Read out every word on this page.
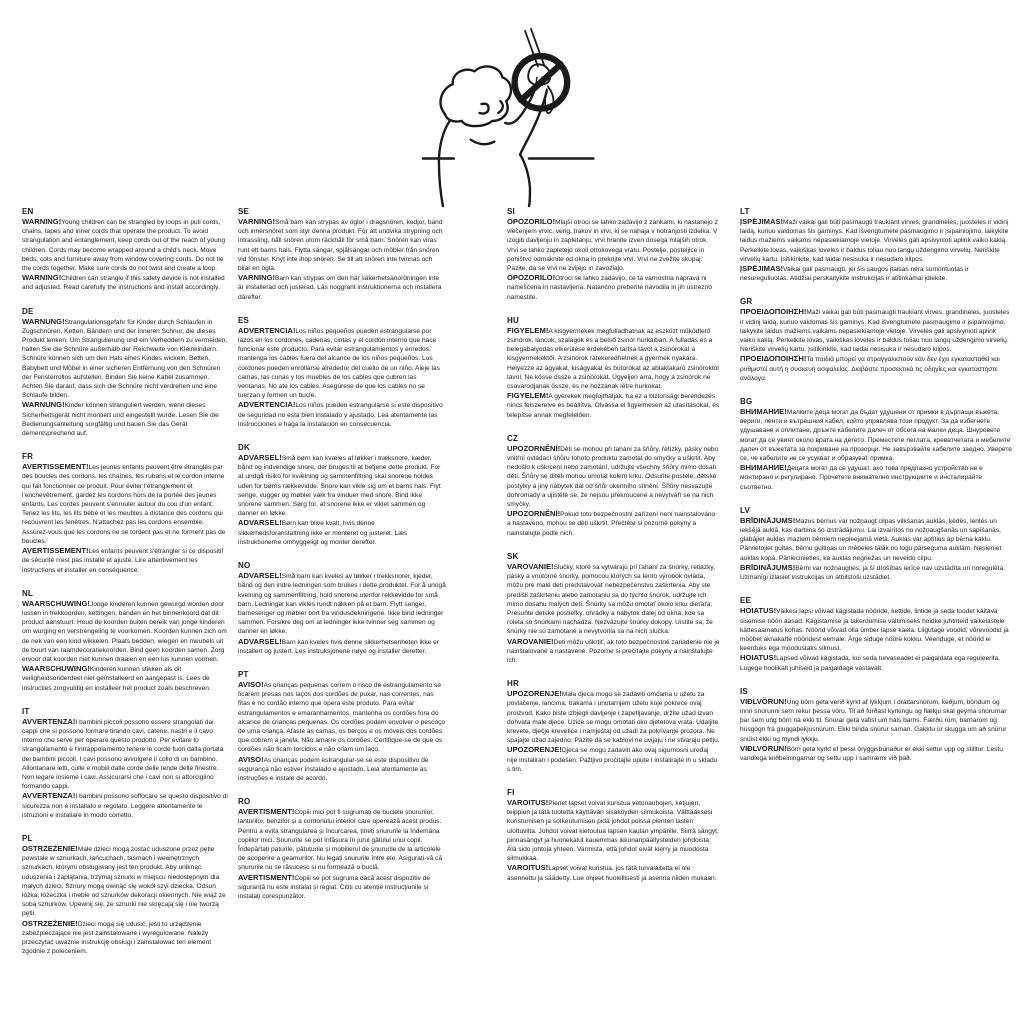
EN

WARNING!Young children can be strangled by loops in pull cords, chains, tapes and inner cords that operate the product. To avoid strangulation and entanglement, keep cords out of the reach of young children. Cords may become wrapped around a child's neck. Move beds, cots and furniture away from window covering cords. Do not tie the cords together. Make sure cords do not twist and create a loop.

WARNING!Children can strangle if this safety device is not installed and adjusted. Read carefully the instructions and install accordingly.

DE

WARNUNG!Strangulationsgefahr für Kinder durch Schlaufen in Zugschnüren, Ketten, Bändern und der inneren Schnur, die dieses Produkt lenken. Um Strangulierung und ein Verheddern zu vermeiden, halten Sie die Schnüre außerhalb der Reichweite von Kleinkindern. Schnüre können sich um den Hals eines Kindes wickeln. Betten, Babybett und Möbel in einer sicheren Entfernung von den Schnüren der Fensterrollos aufstellen. Binden Sie keine Kabel zusammen. Achten Sie darauf, dass sich die Schnüre nicht verdrehen und eine Schlaufe bilden.

WARNUNG!Kinder können stranguliert werden, wenn dieses Sicherheitsgerät nicht montiert und eingestellt wurde. Lesen Sie die Bedienungsanleitung sorgfältig und bauen Sie das Gerät dementsprechend auf.

FR

AVERTISSEMENT!Les jeunes enfants peuvent être étranglés par des boucles des cordons, les chaînes, les rubans et le cordon interne qui fait fonctionner ce produit. Pour éviter l'étranglement et l'enchevêtrement, gardez les cordons hors de la portée des jeunes enfants. Les cordes peuvent s'enrouler autour du cou d'un enfant. Tenez les lits, les lits bébé et les meubles à distance des cordons qui recouvrent les fenêtres. N'attachez pas les cordons ensemble. Assurez-vous que les cordons ne se tordent pas et ne forment pas de boucles.

AVERTISSEMENT!Les enfants peuvent s'étrangler si ce dispositif de sécurité n'est pas installé et ajusté. Lire attentivement les instructions et installer en conséquence.

NL

WAARSCHUWING!Jonge kinderen kunnen gewurgd worden door lussen in trekkoorden, kettingen, banden en het binnenkoord dat dit product aanstuurt. Houd de koorden buiten bereik van jonge kinderen om wurging en verstrengeling te voorkomen. Koorden kunnen zich om de nek van een kind wikkelen. Plaats bedden, wiegen en meubels uit de buurt van raamdecoratiekoorden. Bind geen koorden samen. Zorg ervoor dat koorden niet kunnen draaien en een lus kunnen vormen.

WAARSCHUWING!Kinderen kunnen stikken als dit veiligheidsonderdeel niet geïnstalleerd en aangepast is. Lees de instructies zorgvuldig en installeer het product zoals beschreven.

IT

AVVERTENZA!I bambini piccoli possono essere strangolati dai cappi che si possono formare tirando cavi, catene, nastri e il cavo interno che serve per operare questo prodotto. Per evitare lo strangolamento e l'intrappolamento tenere le corde fuori dalla portata dei bambini piccoli. I cavi possono avvolgere il collo di un bambino. Allontanare letti, culle e mobili dalle corde delle tende delle finestre. Non legare insieme i cavi. Assicurarsi che i cavi non si attorciglino formando cappi.

AVVERTENZA!I bambini possono soffocare se questo dispositivo di sicurezza non è installato e regolato. Leggere attentamente le istruzioni e installare in modo corretto.

PL

OSTRZEŻENIE!Małe dzieci mogą zostać uduszone przez pętle powstałe w sznurkach, łańcuchach, taśmach i wewnętrznych sznurkach, którymi obsługiwany jest ten produkt. Aby uniknąć uduszenia i zaplątania, trzymaj sznurki w miejscu niedostępnym dla małych dzieci. Sznury mogą owinąć się wokół szyi dziecka. Odsuń łóżka, łóżeczka i meble od sznurków dekoracji okiennych. Nie wiąż ze sobą sznurków. Upewnij się, że sznurki nie skręcają się i nie tworzą pętli.

OSTRZEŻENIE!Dzieci mogą się udusić, jeśli to urządzenie zabezpieczające nie jest zainstalowane i wyregulowane. Należy przeczytać uważnie instrukcję obsługi i zainstalować ten element zgodnie z poleceniem.

SE

VARNING!Små barn kan strypas av öglor i dragsnören, kedjor, band och innersnöret som styr denna produkt. För att undvika strypning och intrassling, håll snören utom räckhåll för små barn. Snören kan viras runt ett barns hals. Flytta sängar, spjälsängar och möbler från snören vid fönster. Knyt inte ihop snören. Se till att snören inte tvinnas och bilar en ögla.

VARNING!Barn kan strypas om den här säkerhetsanordningen inte är installerad och justerad. Läs noggrant instruktionerna och installera därefter.

ES

ADVERTENCIA!Los niños pequeños pueden estrangularse por lazos en los cordones, cadenas, cintas y el cordón interno que hace funcionar este producto. Para evitar estrangulamientos y enredos, mantenga los cables fuera del alcance de los niños pequeños. Los cordones pueden enrollarse alrededor del cuello de un niño. Aleje las camas, las cunas y los muebles de los cables que cubren las ventanas. No ate los cables. Asegúrese de que los cables no se tuerzan y formen un bucle.

ADVERTENCIA!Los niños pueden estrangularse si este dispositivo de seguridad no está bien instalado y ajustado. Lea atentamente las instrucciones e haga la instalación en consecuencia.

DK

ADVARSEL!Små børn kan kvæles af løkker i træksnore, kæder, bånd og indvendige snore, der bruges til at betjene dette produkt. For at undgå risiko for kvælning og sammenfiltring skal snorene holdes uden for børns rækkevidde. Snore kan vikle sig om et barns hals. Flyt senge, vugger og møbler væk fra vinduer med snore. Bind ikke snorene sammen. Sørg for, at snorene ikke er viklet sammen og danner en løkke.

ADVARSEL!Børn kan blive kvalt, hvis denne sikkerhedsforanstaltning ikke er monteret og justeret. Læs instruktionerne omhyggeligt og monter derefter.

NO

ADVARSEL!Små barn kan kveles av løkker i trekksnorer, kjeder, bånd og den indre ledningen som brukes i dette produktet. For å unngå kvelning og sammenfiltring, hold snorene utenfor rekkevidde for små barn. Ledninger kan vikles rundt nakken på et barn. Flytt senger, barnesenger og møbler bort fra vindusdekningene. Ikke bind ledninger sammen. Forsikre deg om at ledninger ikke tvinner seg sammen og danner en løkke.

ADVARSEL!Barn kan kveles hvis denne sikkerhetsenheten ikke er installert og justert. Les instruksjonene nøye og installer deretter.

PT

AVISO!As crianças pequenas correm o risco de estrangulamento se ficarem presas nos laços dos cordões de puxar, nas correntes, nas fitas e no cordão interno que opera este produto. Para evitar estrangulamentos e emaranhamentos, mantenha os cordões fora do alcance de crianças pequenas. Os cordões podem envolver o pescoço de uma criança. Afaste as camas, os berços e os móveis dos cordões que cobrem a janela. Não amarre os cordões. Certifique-se de que os cordões não ficam torcidos e não criam um laço.

AVISO!As crianças podem estrangular-se se este dispositivo de segurança não estiver instalado e ajustado. Leia atentamente as instruções e instale de acordo.

RO

AVERTISMENT!Copiii mici pot fi sugrumați de buclele șnururilor, lanțurilor, benzilor și a cordonului interior care operează acest produs. Pentru a evita strangularea și încurcarea, țineți șnururile la îndemâna copiilor mici. Șnururile se pot înfășura în jurul gâtului unui copil. Îndepărtați paturile, pătuțurile și mobilierul de șnururile de la articolele de acoperire a geamurilor. Nu legați șnururile între ele. Asigurați-vă că șnururile nu se răsucesc și nu formează o buclă.

AVERTISMENT!Copiii se pot sugruma dacă acest dispozitiv de siguranță nu este instalat și reglat. Citiți cu atenție instrucțiunile și instalați corespunzător.

SI

OPOZORILO!Mlajši otroci se lahko zadavijo z zankami, ki nastanejo z vlečenjem vrvic, verig, trakov in vrvi, ki se nahaja v notranjosti izdelka. V izogib davljenju in zapletanju, vrvi hranite izven dosega mlajših otrok. Vrvi se lahko zapletejo okoli otrokovega vratu. Postelje, posteljice in pohištvo odmaknite od okna in prekrijte vrvi. Vrvi ne zvežite skupaj. Pazite, da se vrvi ne zvijejo in zavozlajo.

OPOZORILO!Otroci se lahko zadavijo, če ta varnostna naprava ni nameščena in nastavljena. Natančno preberite navodila in jih ustrezno namestite.

HU

FIGYELEM!A kisgyermekek megfulladhatnak az eszközt működtető zsinórok, láncok, szalagok és a belső zsinór hurkaiban. A fulladás és a belegabalyodás elkerülése érdekében tartsa távol a zsinórokat a kisgyermekektől. A zsinórok rátekeredhetnek a gyermek nyakára. Helyezze az ágyakat, kiságyakat és bútorokat az ablaktakaró zsinóroktól távol. Ne kösse össze a zsinórokat. Ügyeljen arra, hogy a zsinórok ne csavarodjanak össze, és ne hozzanak létre hurkokat.

FIGYELEM!A gyerekek megfojthatják, ha ez a biztonsági berendezés nincs felszerelve és beállítva. Olvassa el figyelmesen az utasításokat, és telepítse annak megfelelően.

CZ

UPOZORNĚNÍ!Děti se mohou při tahání za šňůry, řetízky, pásky nebo vnitřní ovládací šňůru tohoto produktu zamotat do smyčky a uškrtit. Aby nedošlo k uškrcení nebo zamotání, udržujte všechny šňůry mimo dosah dětí. Šňůry se dítěti mohou omotat kolem krku. Odsuňte postele, dětské postýlky a jiný nábytek dál od šňůr okenního stínění. Šňůry nesvazujte dohromady a ujistěte se, že nejsou překroucené a nevytváří se na nich smyčky.

UPOZORNĚNÍ!Pokud toto bezpečnostní zařízení není nainstalováno a nastaveno, mohou se děti uškrtit. Přečtěte si pozorně pokyny a nainstalujte podle nich.

SK

VAROVANIE!Slučky, ktoré sa vytvárajú pri ťahaní za šnúrky, retiazky, pásky a vnútorné šnúrky, pomocou ktorých sa tento výrobok ovláda, môžu pre malé deti predstavovať nebezpečenstvo zaškrtenia. Aby ste predišli zaškrteniu alebo zamotaniu sa do týchto šnúrok, udržujte ich mimo dosahu malých detí. Šnúrky sa môžu omotať okolo krku dieťaťa. Presuňte detské postieľky, ohrádky a nábytok ďalej od okna, kde sa roleta so šnúrkami nachádza. Nezväzujte šnúrky dokopy. Uistite sa, že šnúrky nie sú zamotané a nevytvorila sa na nich slučka.

VAROVANIE!Deti môžu uškrtiť, ak toto bezpečnostné zariadenie nie je nainštalované a nastavené. Pozorne si prečítajte pokyny a nainštalujte ich.

HR

UPOZORENJE!Mala djeca mogu se zadaviti omčama u užetu za povlačenje, lancima, trakama i unutarnjem užetu koje pokreće ovaj proizvod. Kako biste izbjegli davljenje i zapetljavanje, držite užad izvan dohvata male djece. Uzice se mogu omotati oko djetetova vrata. Udaljite krevete, dječje krevetiće i namještaj od užadi za pokrivanje prozora. Ne spajajte užad zajedno. Pazite da se kablovi ne uvijaju i ne stvaraju petlju.

UPOZORENJE!Djeca se mogu zadaviti ako ovaj sigurnosni uređaj nije instaliran i podešen. Pažljivo pročitajte upute i instalirajte ih u skladu s tim.

FI

VAROITUS!Pienet lapset voivat kuristua vetonauhojen, ketjujen, teippien ja tätä tuotetta käyttävän sisäköyden silmukoista. Välttääksesi kuristumisen ja sotkeutumisen pidä johdot poissa pienten lasten ulottuvilta. Johdot voivat kietoutua lapsen kaulan ympärille. Siirrä sängyt, pinnasängyt ja huonekalut kauemmas ikkunanpäällysteiden johdoista. Älä sido johtoja yhteen. Varmista, että johdot eivät kierry ja muodosta silmukkaa.

VAROITUS!Lapset voivat kuristua, jos tätä turvalaitetta ei ole asennettu ja säädetty. Lue ohjeet huolellisesti ja asenna niiden mukaan.

LT

ĮSPĖJIMAS!Maži vaikai gali būti pasmaugti traukiant virves, grandinėles, juosteles ir vidinį laidą, kuriuo valdomas šis gaminys. Kad išvengtumėte pasmaugimo ir įsipainiojimo, laikykite laidus mažiems vaikams nepasiekiamoje vietoje. Virvelės gali apsivynioti aplink vaiko kaklą. Perkelkite lovas, vaikiškas loveles ir baldus toliau nuo langų uždengimo virvelių. Neriškite virvelių kartu. Įsitikinkite, kad laidai nesisuka ir nesudaro kilpos.

ĮSPĖJIMAS!Vaikai gali pasmaugti, jei šis saugos įtaisas nėra sumontuotas ir nesureguliuotas. Atidžiai perskaitykite instrukcijas ir atitinkamai įdiekite.

GR

ΠΡΟΕΙΔΟΠΟΙΗΣΗ!Maži vaikai gali būti pasmaugti traukiant virves, grandinėles, juosteles ir vidinį laidą, kuriuo valdomas šis gaminys. Kad išvengtumėte pasmaugimo ir įsipainiojimo, laikykite laidus mažiems vaikams nepasiekiamoje vietoje. Virvelės gali apsivynioti aplink vaiko kaklą. Perkelkite lovas, vaikiškas loveles ir baldus toliau nuo langų uždengimo virvelių. Neriškite virvelių kartu. Įsitikinkite, kad laidai nesisuka ir nesudaro kilpos.

ΠΡΟΕΙΔΟΠΟΙΗΣΗ!Τα παιδιά μπορεί να στραγγαλιστούν εάν δεν έχει εγκατασταθεί και ρυθμιστεί αυτή η συσκευή ασφαλείας. Διαβάστε προσεκτικά τις οδηγίες και εγκαταστήστε ανάλογα.

BG

ВНИМАНИЕ!Малките деца могат да бъдат удушени от примки в дърпащи въжета, вериги, ленти и вътрешния кабел, който управлява този продукт. За да избегнете удушаване и оплитане, дръжте кабелите далеч от обсега на малки деца. Шнуровете могат да се увият около врата на детето. Преместете леглата, креватчетата и мебелите далеч от въжетата за покриване на прозорци. Не завързвайте кабелите заедно. Уверете се, че кабелите не се усукват и образуват примка.

ВНИМАНИЕ!Децата могат да се удушат, ако това предпазно устройство не е монтирано и регулирано. Прочетете внимателно инструкциите и инсталирайте съответно.

LV

BRĪDINĀJUMS!Mazus bērnus var nožņaugt cilpas vilkšanas auklās, ķēdēs, lentēs un iekšējā auklā, kas darbina šo izstrādājumu. Lai izvairītos no nožņaugšanās un sapīšanās, glabājiet auklas maziem bērniem nepieejamā vietā. Auklas var aptīties ap bērna kaklu. Pārvietojiet gultas, bērnu gultiņas un mēbeles tālāk no logu pārseguma auklām. Nesieniet auklas kopā. Pārliecinieties, ka auklas negriežas un neveido cilpu.

BRĪDINĀJUMS!Bērni var nožņaugties, ja šī drošības ierīce nav uzstādīta un noregulēta. Uzmanīgi izlasiet instrukcijas un atbilstoši uzstādiet.

EE

HOIATUS!Väikesi lapsi võivad kägistada nööride, kettide, lintide ja seda toodet käitava sisemise nööri aasad. Kägistamise ja takerdumise vältimiseks hoidke juhtmeid väikelastele kättesaamatus kohas. Nöörid võivad olla ümber lapse kaela. Liigutage voodid, võrevoodid ja mööbel aknakatte nööridest eemale. Ärge siduge nööre kokku. Veenduge, et nöörid ei keerduks ega moodustaks silmust.

HOIATUS!Lapsed võivad kägistada, kui seda turvaseadet ei paigaldata ega reguleerita. Lugege hoolikalt juhiseid ja paigaldage vastavalt.

IS

VIÐLVÖRUN!Ung börn geta verið kyrkt af lykkjum í dráttarsnúrum, keðjum, böndum og innri snúrunni sem rekur þessa vöru. Til að forðast kyrkingu og flækju skal geyma snúrurnar þar sem ung börn ná ekki til. Snúrar geta vafist um háls barns. Færðu rúm, barnarúm og húsgögn frá gluggaþekjusnúrum. Ekki binda snúrur saman. Gakktu úr skugga um að snúrur snúist ekki og myndi lykkju.

VIÐLVÖRUN!Börn geta kyrkt ef þessi öryggisbúnaður er ekki settur upp og stilltur. Lestu vandlega leiðbeiningarnar og settu upp í samræmi við það.
